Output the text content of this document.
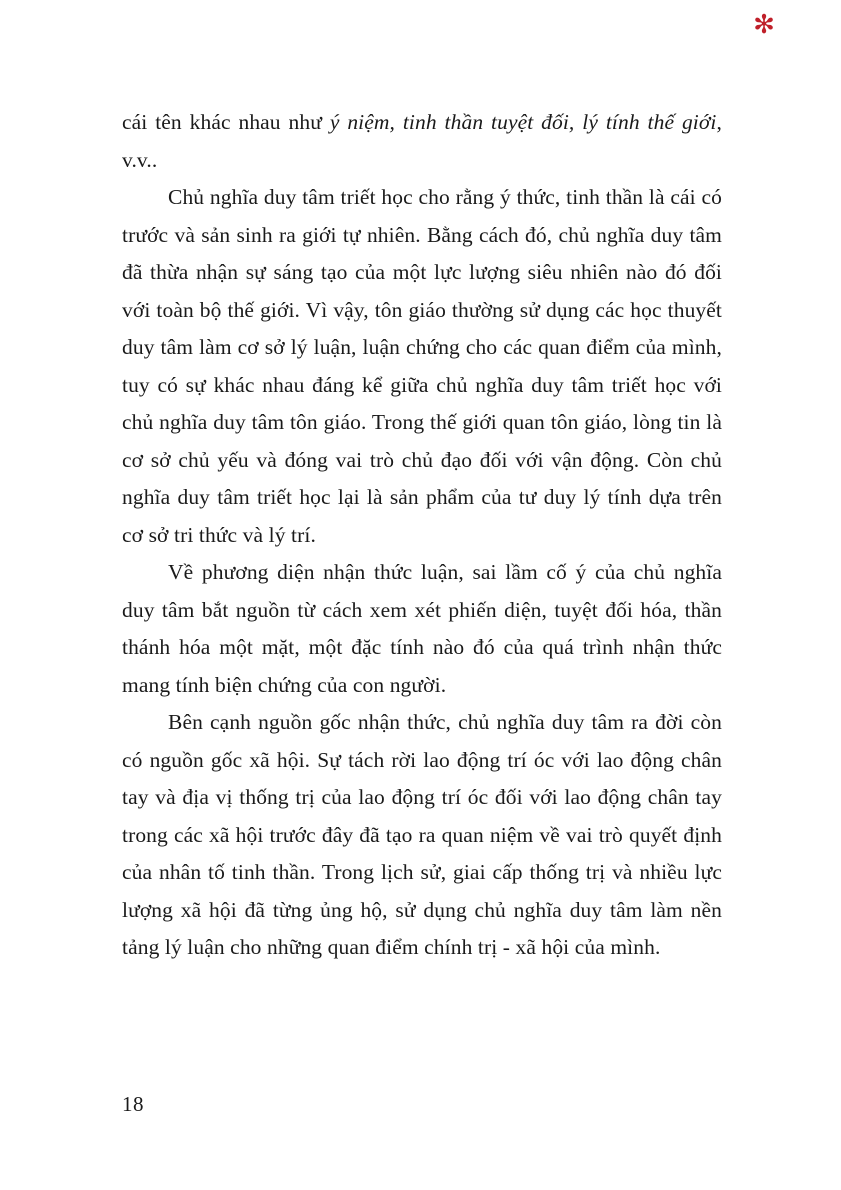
✻

cái tên khác nhau như ý niệm, tinh thần tuyệt đối, lý tính thế giới, v.v..

Chủ nghĩa duy tâm triết học cho rằng ý thức, tinh thần là cái có trước và sản sinh ra giới tự nhiên. Bằng cách đó, chủ nghĩa duy tâm đã thừa nhận sự sáng tạo của một lực lượng siêu nhiên nào đó đối với toàn bộ thế giới. Vì vậy, tôn giáo thường sử dụng các học thuyết duy tâm làm cơ sở lý luận, luận chứng cho các quan điểm của mình, tuy có sự khác nhau đáng kể giữa chủ nghĩa duy tâm triết học với chủ nghĩa duy tâm tôn giáo. Trong thế giới quan tôn giáo, lòng tin là cơ sở chủ yếu và đóng vai trò chủ đạo đối với vận động. Còn chủ nghĩa duy tâm triết học lại là sản phẩm của tư duy lý tính dựa trên cơ sở tri thức và lý trí.

Về phương diện nhận thức luận, sai lầm cố ý của chủ nghĩa duy tâm bắt nguồn từ cách xem xét phiến diện, tuyệt đối hóa, thần thánh hóa một mặt, một đặc tính nào đó của quá trình nhận thức mang tính biện chứng của con người.

Bên cạnh nguồn gốc nhận thức, chủ nghĩa duy tâm ra đời còn có nguồn gốc xã hội. Sự tách rời lao động trí óc với lao động chân tay và địa vị thống trị của lao động trí óc đối với lao động chân tay trong các xã hội trước đây đã tạo ra quan niệm về vai trò quyết định của nhân tố tinh thần. Trong lịch sử, giai cấp thống trị và nhiều lực lượng xã hội đã từng ủng hộ, sử dụng chủ nghĩa duy tâm làm nền tảng lý luận cho những quan điểm chính trị - xã hội của mình.

18
